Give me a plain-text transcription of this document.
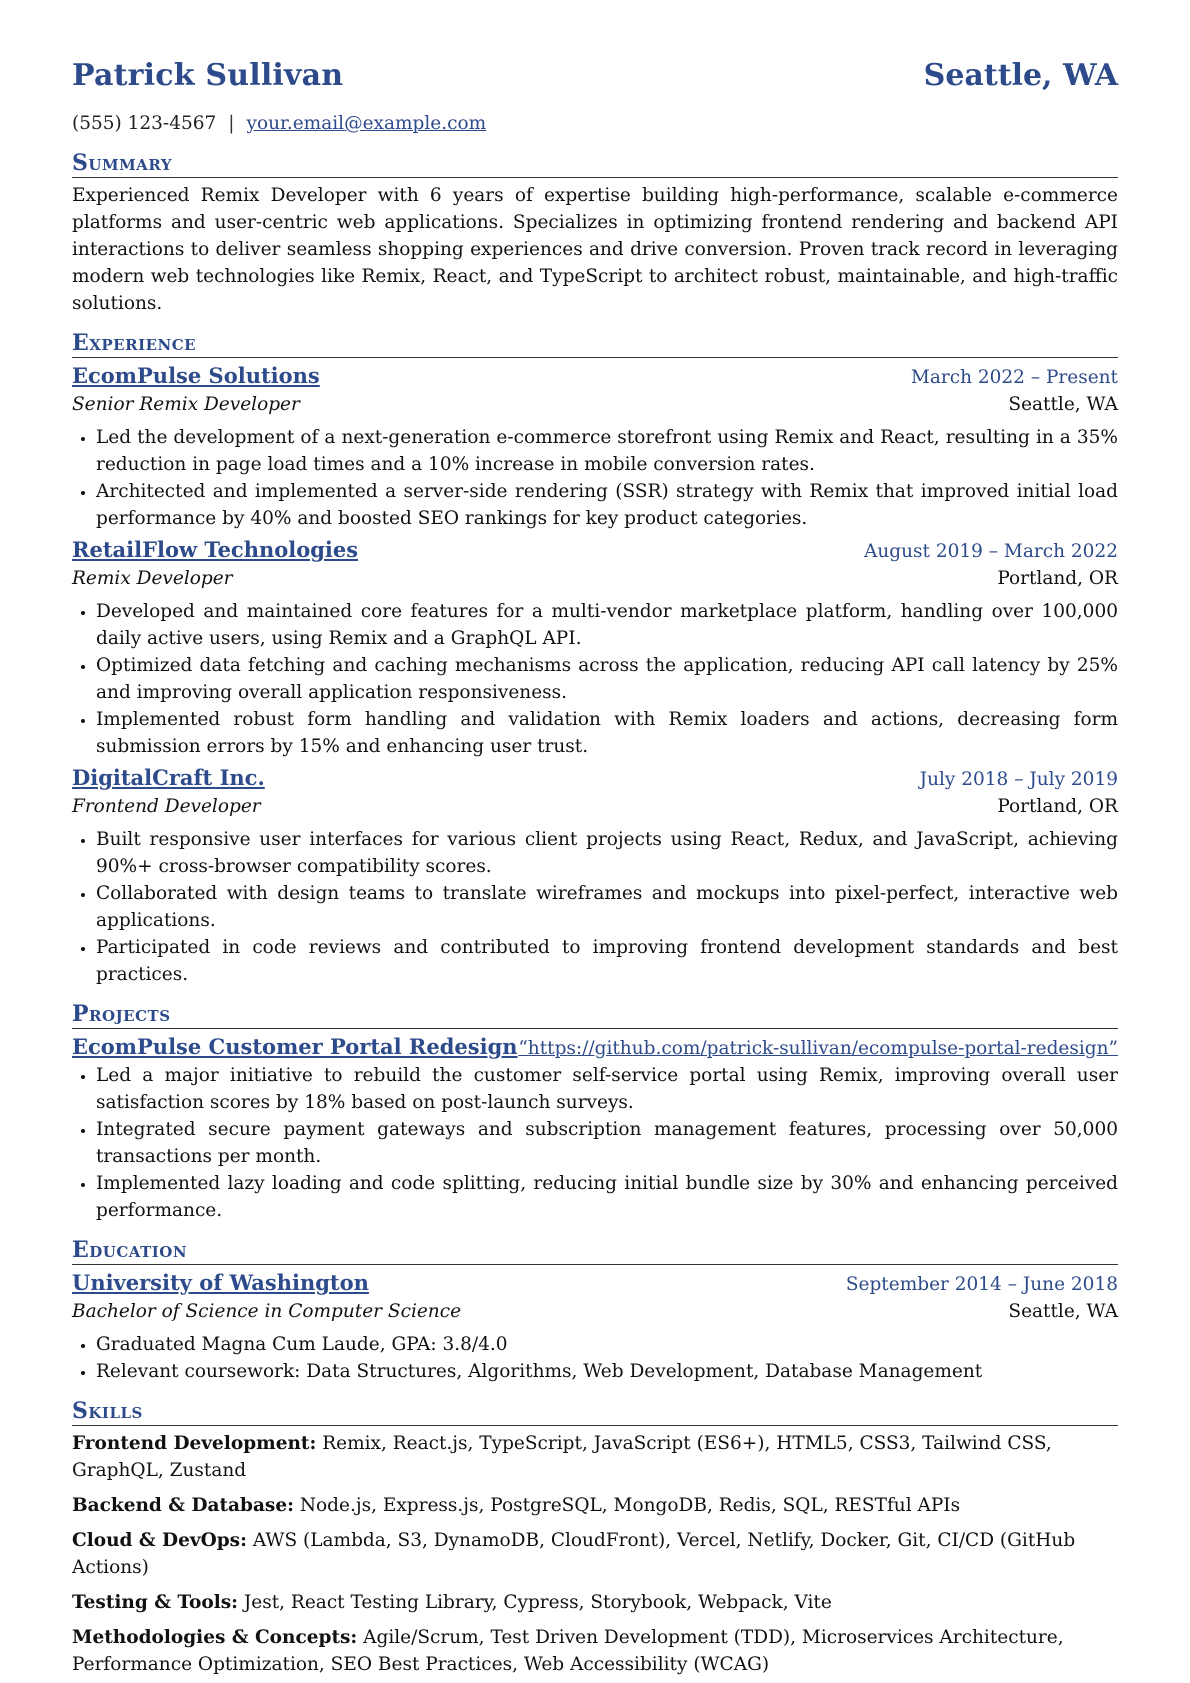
Patrick Sullivan	Seattle, WA
(555) 123-4567 | your.email@example.com
Summary
Experienced Remix Developer with 6 years of expertise building high-performance, scalable e-commerce platforms and user-centric web applications. Specializes in optimizing frontend rendering and backend API interactions to deliver seamless shopping experiences and drive conversion. Proven track record in leveraging modern web technologies like Remix, React, and TypeScript to architect robust, maintainable, and high-traffic solutions.
Experience
EcomPulse Solutions	March 2022 – Present
Senior Remix Developer	Seattle, WA
• Led the development of a next-generation e-commerce storefront using Remix and React, resulting in a 35% reduction in page load times and a 10% increase in mobile conversion rates.
• Architected and implemented a server-side rendering (SSR) strategy with Remix that improved initial load performance by 40% and boosted SEO rankings for key product categories.
RetailFlow Technologies	August 2019 – March 2022
Remix Developer	Portland, OR
• Developed and maintained core features for a multi-vendor marketplace platform, handling over 100,000 daily active users, using Remix and a GraphQL API.
• Optimized data fetching and caching mechanisms across the application, reducing API call latency by 25% and improving overall application responsiveness.
• Implemented robust form handling and validation with Remix loaders and actions, decreasing form submission errors by 15% and enhancing user trust.
DigitalCraft Inc.	July 2018 – July 2019
Frontend Developer	Portland, OR
• Built responsive user interfaces for various client projects using React, Redux, and JavaScript, achieving 90%+ cross-browser compatibility scores.
• Collaborated with design teams to translate wireframes and mockups into pixel-perfect, interactive web applications.
• Participated in code reviews and contributed to improving frontend development standards and best practices.
Projects
EcomPulse Customer Portal Redesign “https://github.com/patrick-sullivan/ecompulse-portal-redesign”
• Led a major initiative to rebuild the customer self-service portal using Remix, improving overall user satisfaction scores by 18% based on post-launch surveys.
• Integrated secure payment gateways and subscription management features, processing over 50,000 transactions per month.
• Implemented lazy loading and code splitting, reducing initial bundle size by 30% and enhancing perceived performance.
Education
University of Washington	September 2014 – June 2018
Bachelor of Science in Computer Science	Seattle, WA
• Graduated Magna Cum Laude, GPA: 3.8/4.0
• Relevant coursework: Data Structures, Algorithms, Web Development, Database Management
Skills
Frontend Development: Remix, React.js, TypeScript, JavaScript (ES6+), HTML5, CSS3, Tailwind CSS, GraphQL, Zustand
Backend & Database: Node.js, Express.js, PostgreSQL, MongoDB, Redis, SQL, RESTful APIs
Cloud & DevOps: AWS (Lambda, S3, DynamoDB, CloudFront), Vercel, Netlify, Docker, Git, CI/CD (GitHub Actions)
Testing & Tools: Jest, React Testing Library, Cypress, Storybook, Webpack, Vite
Methodologies & Concepts: Agile/Scrum, Test Driven Development (TDD), Microservices Architecture, Performance Optimization, SEO Best Practices, Web Accessibility (WCAG)
